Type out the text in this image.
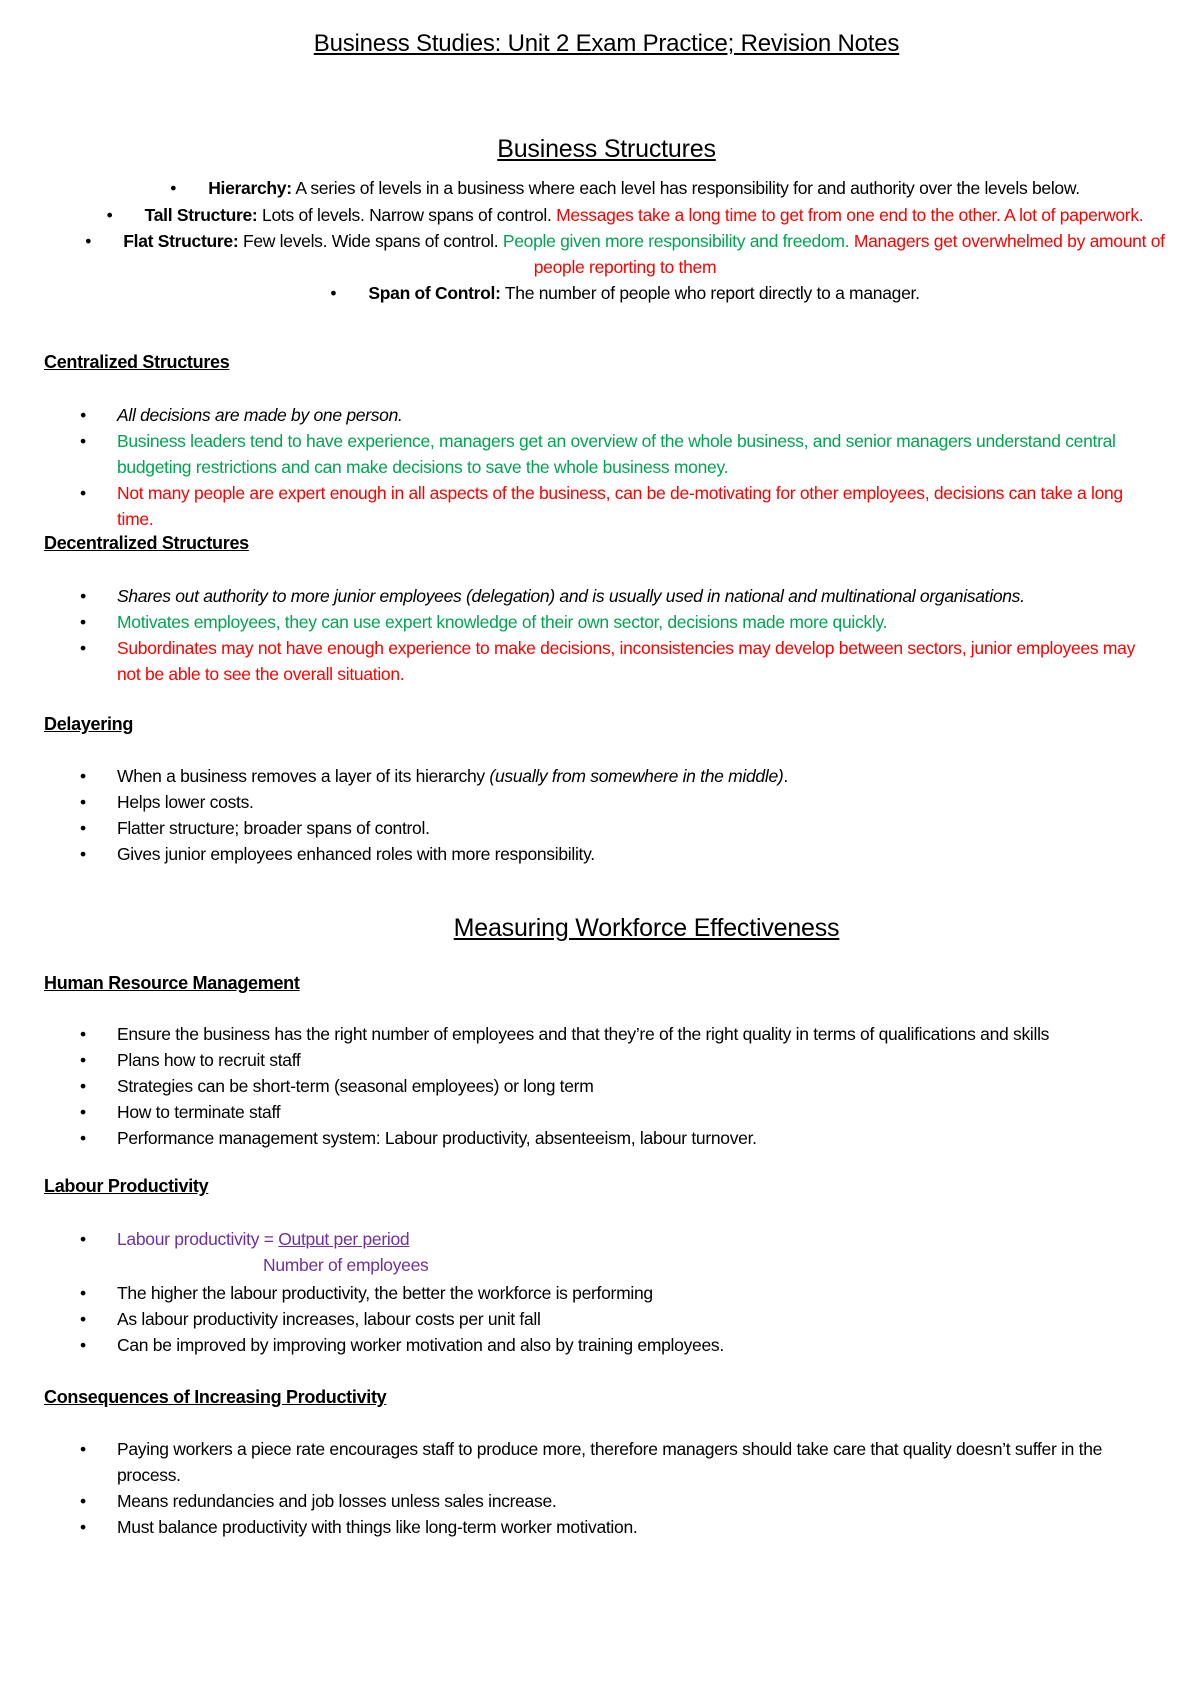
Business Studies: Unit 2 Exam Practice; Revision Notes
Business Structures
• Hierarchy: A series of levels in a business where each level has responsibility for and authority over the levels below.
• Tall Structure: Lots of levels. Narrow spans of control. Messages take a long time to get from one end to the other. A lot of paperwork.
• Flat Structure: Few levels. Wide spans of control. People given more responsibility and freedom. Managers get overwhelmed by amount of
people reporting to them
• Span of Control: The number of people who report directly to a manager.
Centralized Structures
• All decisions are made by one person.
• Business leaders tend to have experience, managers get an overview of the whole business, and senior managers understand central budgeting restrictions and can make decisions to save the whole business money.
• Not many people are expert enough in all aspects of the business, can be de-motivating for other employees, decisions can take a long time.
Decentralized Structures
• Shares out authority to more junior employees (delegation) and is usually used in national and multinational organisations.
• Motivates employees, they can use expert knowledge of their own sector, decisions made more quickly.
• Subordinates may not have enough experience to make decisions, inconsistencies may develop between sectors, junior employees may not be able to see the overall situation.
Delayering
• When a business removes a layer of its hierarchy (usually from somewhere in the middle).
• Helps lower costs.
• Flatter structure; broader spans of control.
• Gives junior employees enhanced roles with more responsibility.
Measuring Workforce Effectiveness
Human Resource Management
• Ensure the business has the right number of employees and that they’re of the right quality in terms of qualifications and skills
• Plans how to recruit staff
• Strategies can be short-term (seasonal employees) or long term
• How to terminate staff
• Performance management system: Labour productivity, absenteeism, labour turnover.
Labour Productivity
• Labour productivity = Output per period
Number of employees
• The higher the labour productivity, the better the workforce is performing
• As labour productivity increases, labour costs per unit fall
• Can be improved by improving worker motivation and also by training employees.
Consequences of Increasing Productivity
• Paying workers a piece rate encourages staff to produce more, therefore managers should take care that quality doesn’t suffer in the process.
• Means redundancies and job losses unless sales increase.
• Must balance productivity with things like long-term worker motivation.
